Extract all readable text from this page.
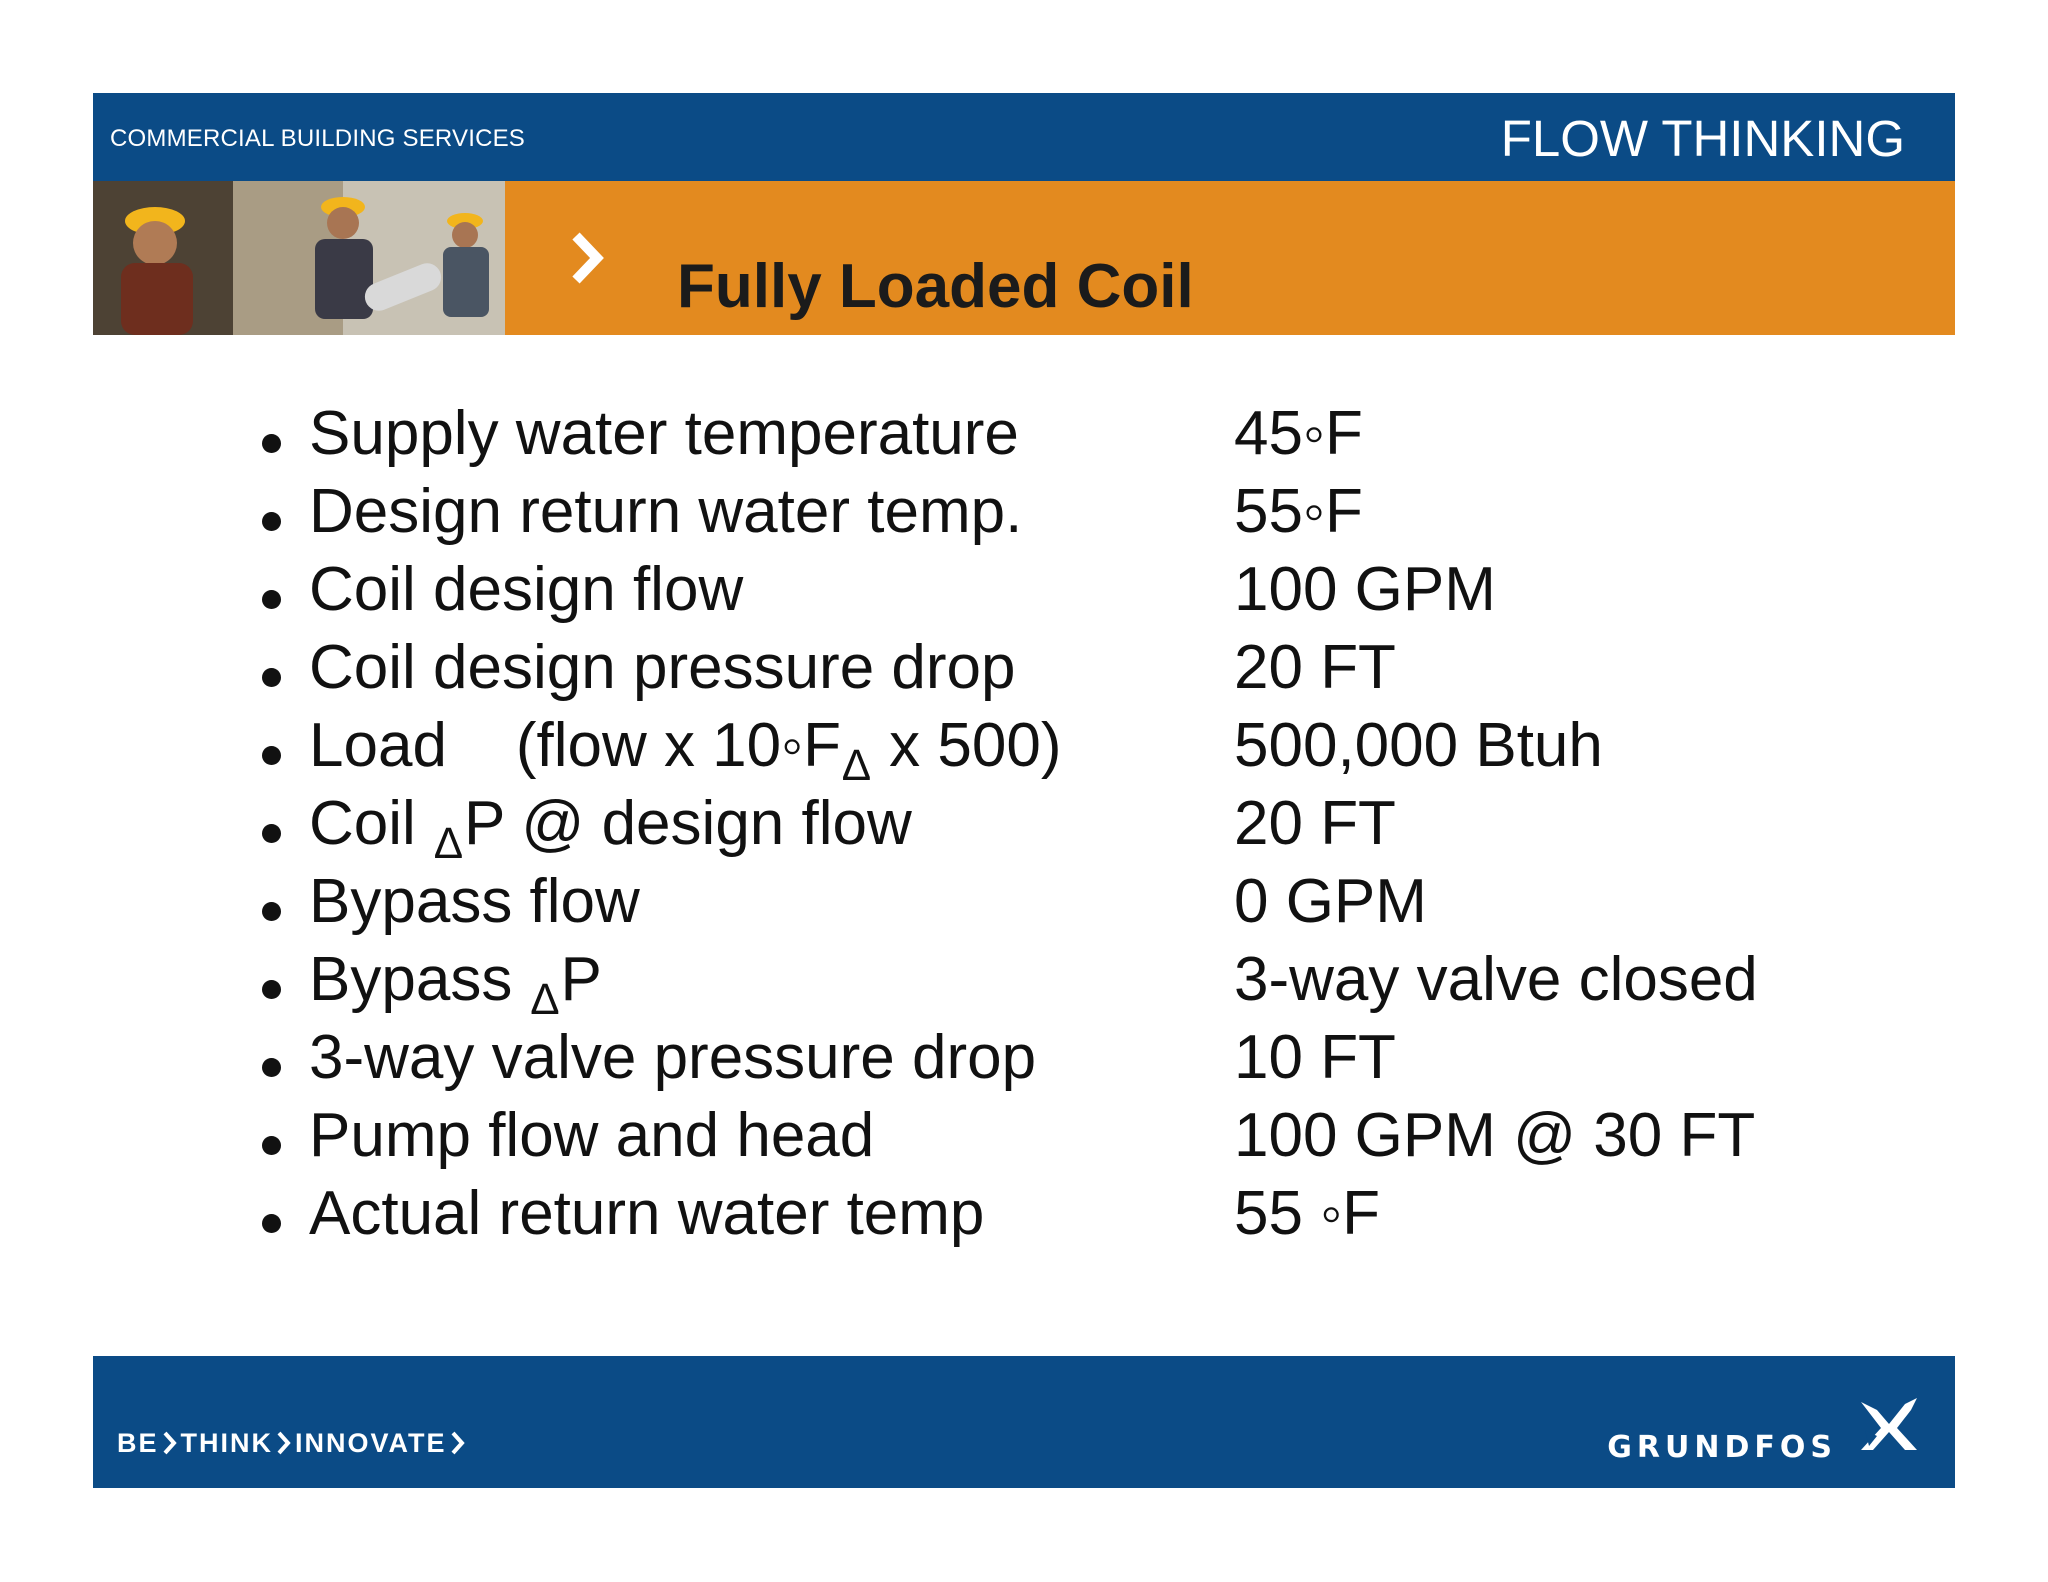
COMMERCIAL BUILDING SERVICES	FLOW THINKING
Fully Loaded Coil
Supply water temperature	45◦F
Design return water temp.	55◦F
Coil design flow	100 GPM
Coil design pressure drop	20 FT
Load    (flow x 10◦F∆ x 500)	500,000 Btuh
Coil ∆P @ design flow	20 FT
Bypass flow	0 GPM
Bypass ∆P	3-way valve closed
3-way valve pressure drop	10 FT
Pump flow and head	100 GPM @ 30 FT
Actual return water temp	55 ◦F
BE THINK INNOVATE	GRUNDFOS
